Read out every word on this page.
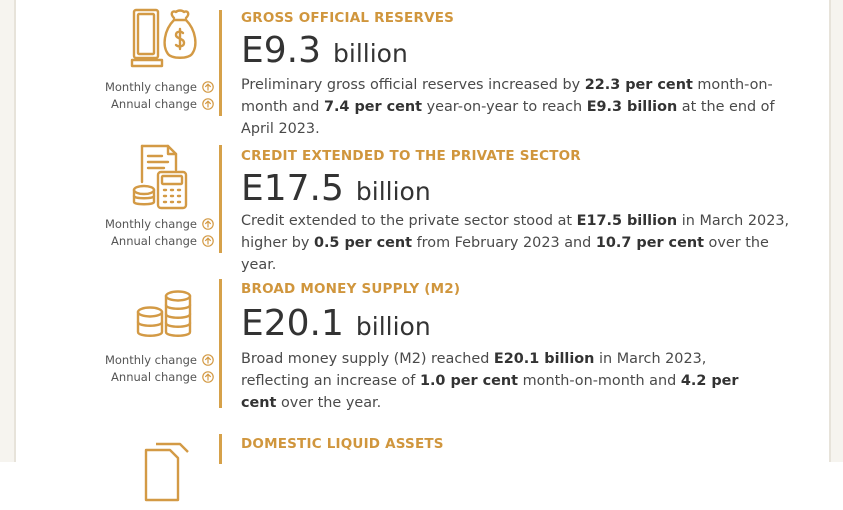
Monthly change
Annual change
GROSS OFFICIAL RESERVES
E9.3 billion
Preliminary gross official reserves increased by 22.3 per cent month-on-month and 7.4 per cent year-on-year to reach E9.3 billion at the end of April 2023.
Monthly change
Annual change
CREDIT EXTENDED TO THE PRIVATE SECTOR
E17.5 billion
Credit extended to the private sector stood at E17.5 billion in March 2023, higher by 0.5 per cent from February 2023 and 10.7 per cent over the year.
Monthly change
Annual change
BROAD MONEY SUPPLY (M2)
E20.1 billion
Broad money supply (M2) reached E20.1 billion in March 2023, reflecting an increase of 1.0 per cent month-on-month and 4.2 per cent over the year.
DOMESTIC LIQUID ASSETS
